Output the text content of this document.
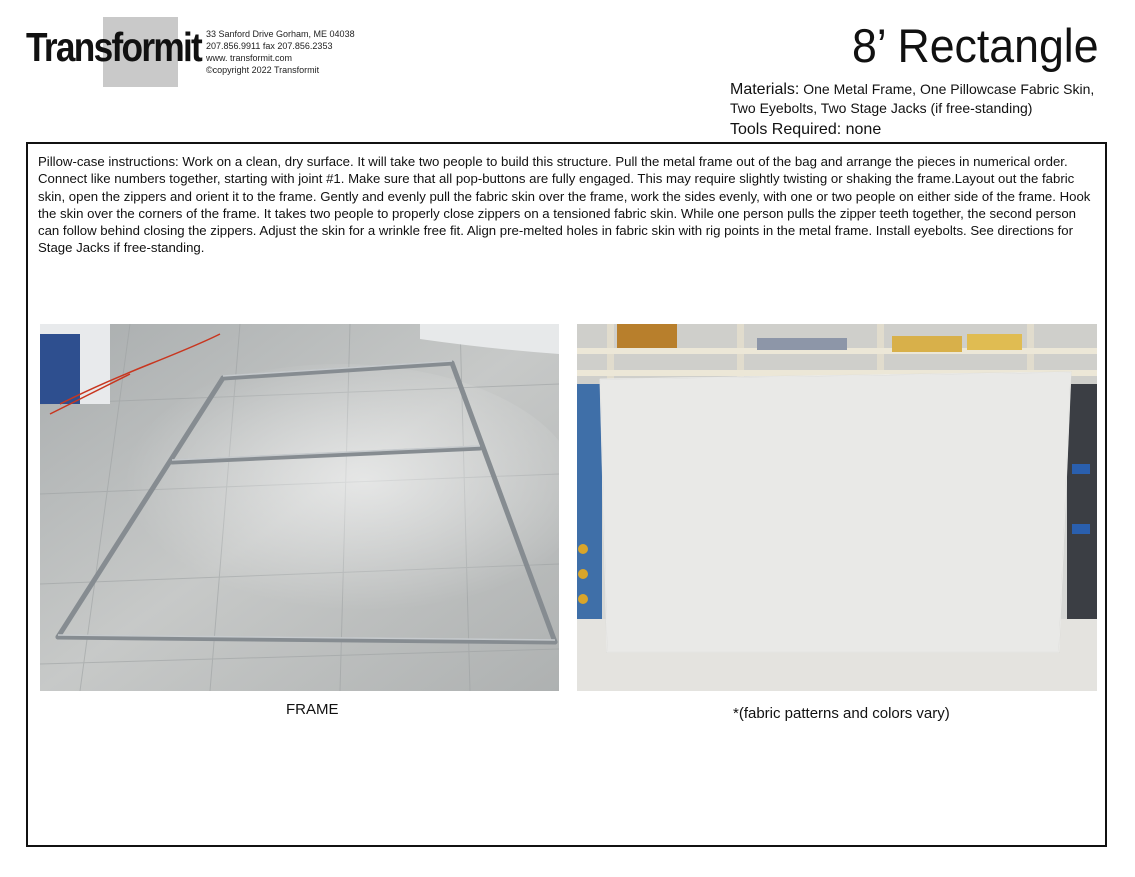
Transformit 33 Sanford Drive Gorham, ME 04038
207.856.9911 fax 207.856.2353
www. transformit.com
©copyright 2022 Transformit	8’ Rectangle
Materials: One Metal Frame, One Pillowcase Fabric Skin,
Two Eyebolts, Two Stage Jacks (if free-standing)
Tools Required: none
Pillow-case instructions: Work on a clean, dry surface. It will take two people to build this structure. Pull the metal frame out of the bag and arrange the pieces in numerical order. Connect like numbers together, starting with joint #1. Make sure that all pop-buttons are fully engaged. This may require slightly twisting or shaking the frame.Layout out the fabric skin, open the zippers and orient it to the frame. Gently and evenly pull the fabric skin over the frame, work the sides evenly, with one or two people on either side of the frame. Hook the skin over the corners of the frame. It takes two people to properly close zippers on a tensioned fabric skin. While one person pulls the zipper teeth together, the second person can follow behind closing the zippers. Adjust the skin for a wrinkle free fit. Align pre-melted holes in fabric skin with rig points in the metal frame. Install eyebolts. See directions for Stage Jacks if free-standing.
FRAME	*(fabric patterns and colors vary)
